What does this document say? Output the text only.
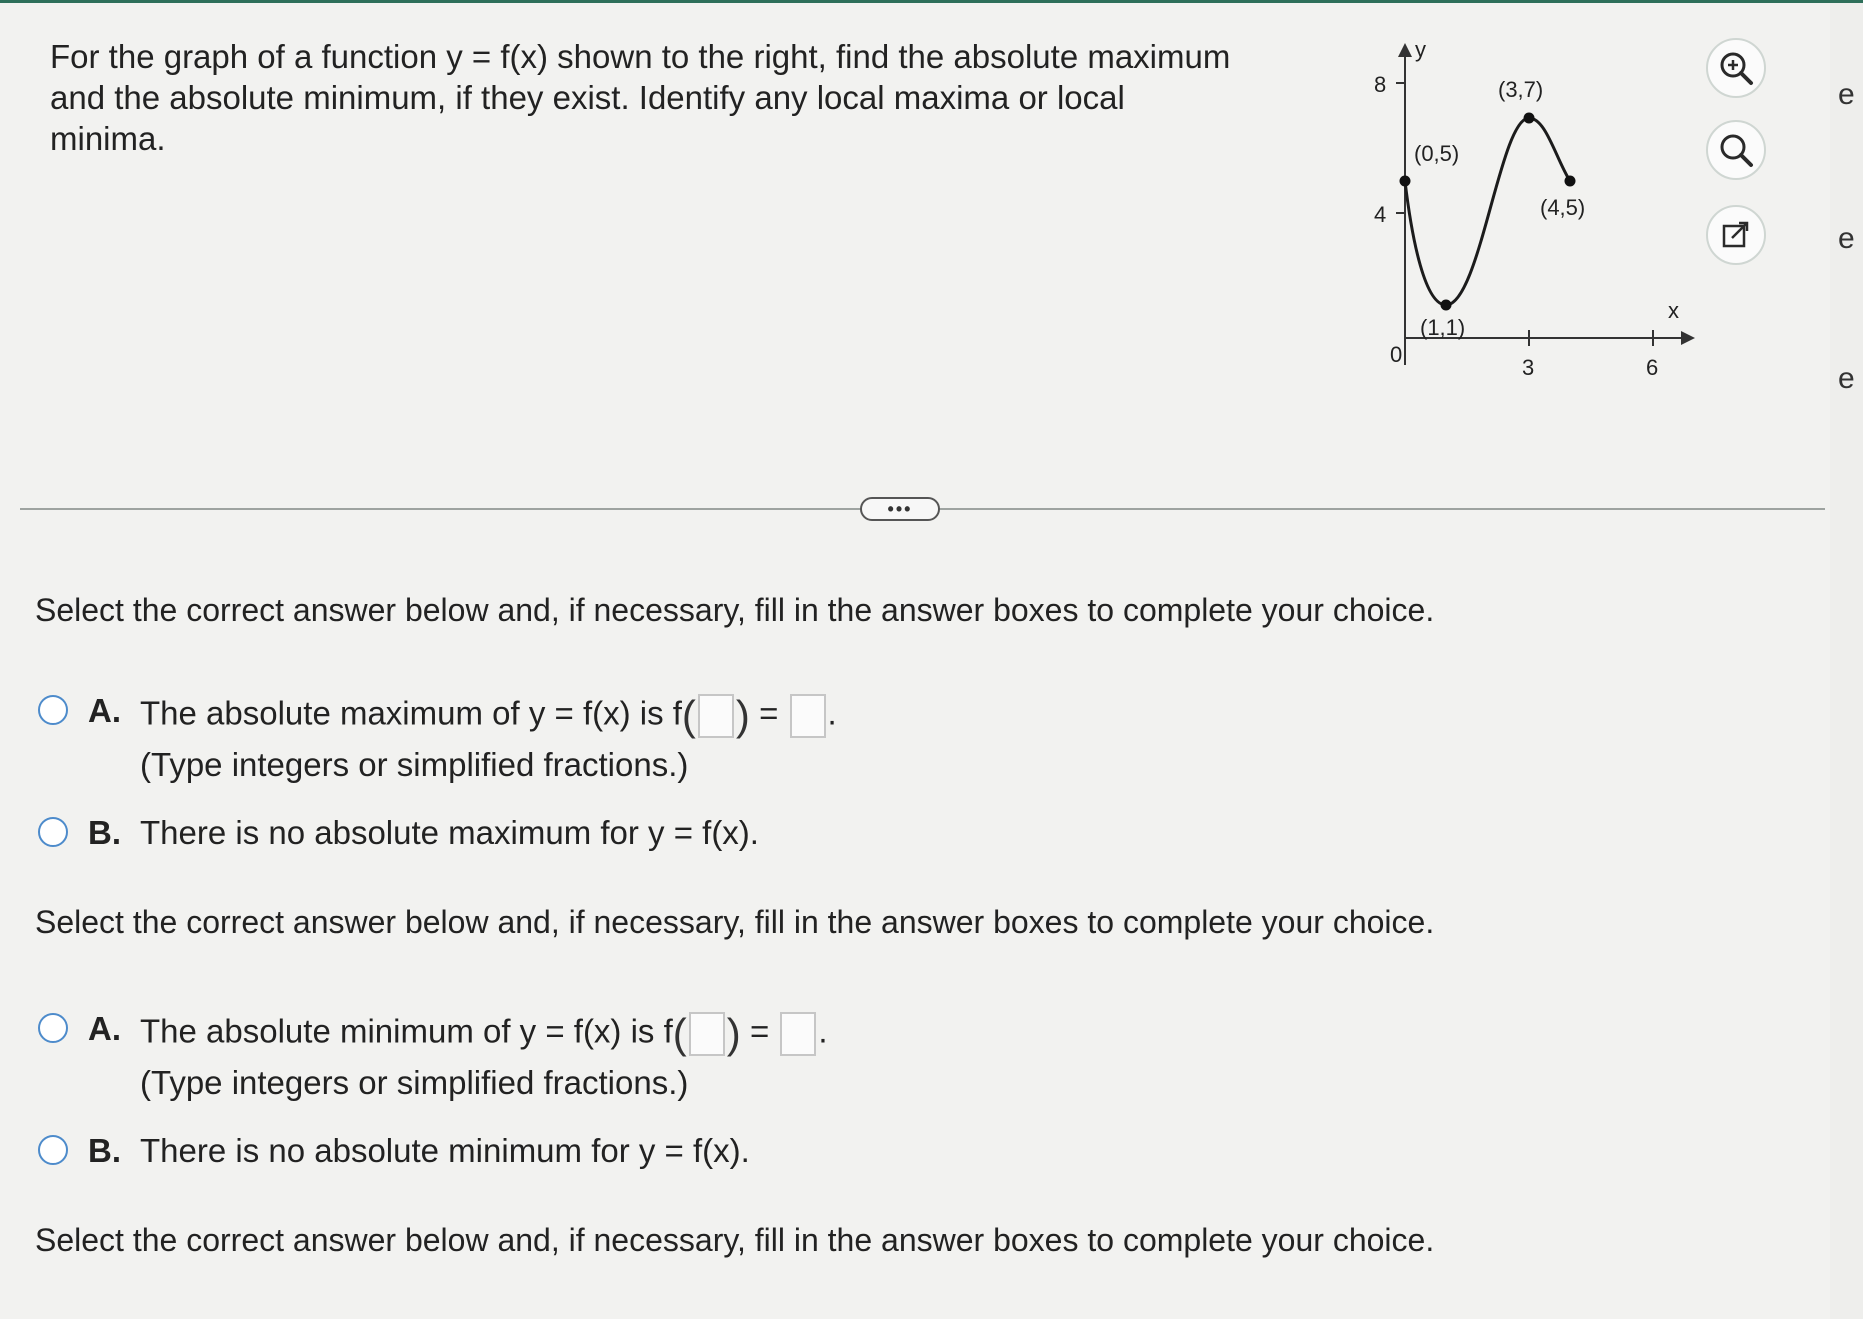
For the graph of a function y = f(x) shown to the right, find the absolute maximum
and the absolute minimum, if they exist. Identify any local maxima or local
minima.
y
x
8
4
0
3	6
(0,5)
(1,1)
(3,7)
(4,5)
e
e
e
•••
Select the correct answer below and, if necessary, fill in the answer boxes to complete your choice.
A. The absolute maximum of y = f(x) is f( ) = .
(Type integers or simplified fractions.)
B. There is no absolute maximum for y = f(x).
Select the correct answer below and, if necessary, fill in the answer boxes to complete your choice.
A. The absolute minimum of y = f(x) is f( ) = .
(Type integers or simplified fractions.)
B. There is no absolute minimum for y = f(x).
Select the correct answer below and, if necessary, fill in the answer boxes to complete your choice.
